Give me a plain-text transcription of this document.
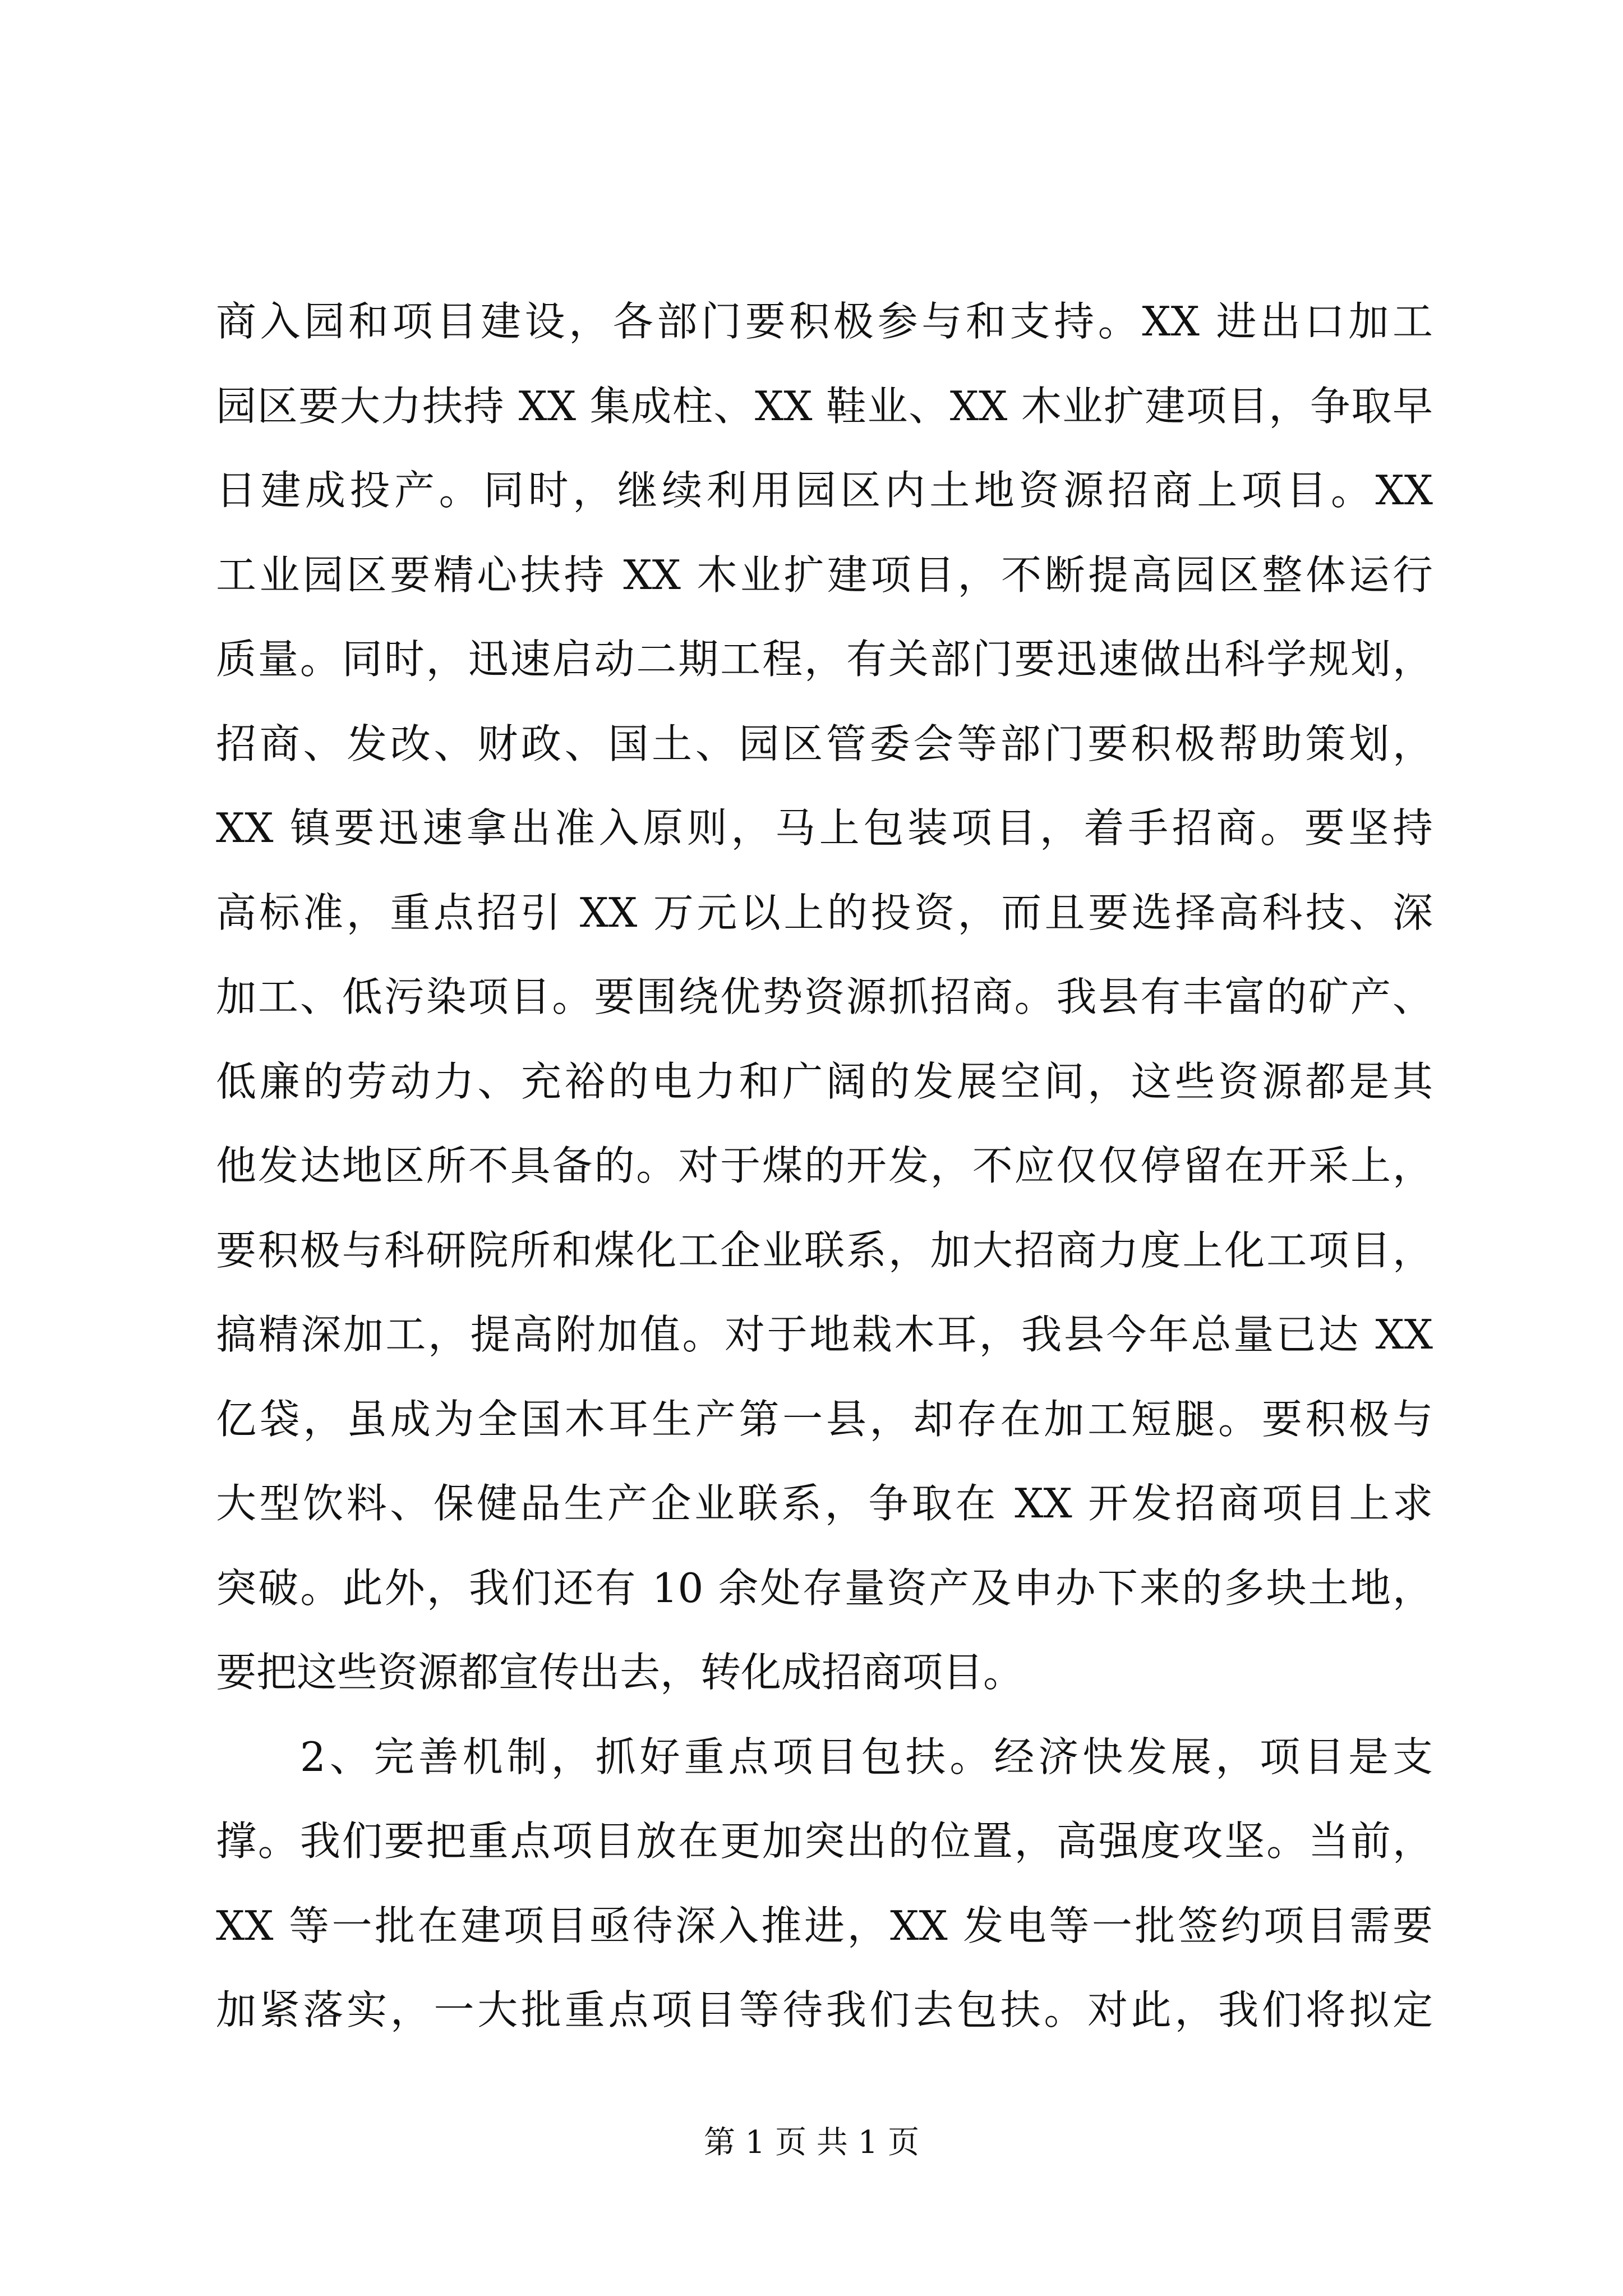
商入园和项目建设，各部门要积极参与和支持。XX 进出口加工
园区要大力扶持 XX 集成柱、XX 鞋业、XX 木业扩建项目，争取早
日建成投产。同时，继续利用园区内土地资源招商上项目。XX
工业园区要精心扶持 XX 木业扩建项目，不断提高园区整体运行
质量。同时，迅速启动二期工程，有关部门要迅速做出科学规划，
招商、发改、财政、国土、园区管委会等部门要积极帮助策划，
XX 镇要迅速拿出准入原则，马上包装项目，着手招商。要坚持
高标准，重点招引 XX 万元以上的投资，而且要选择高科技、深
加工、低污染项目。要围绕优势资源抓招商。我县有丰富的矿产、
低廉的劳动力、充裕的电力和广阔的发展空间，这些资源都是其
他发达地区所不具备的。对于煤的开发，不应仅仅停留在开采上，
要积极与科研院所和煤化工企业联系，加大招商力度上化工项目，
搞精深加工，提高附加值。对于地栽木耳，我县今年总量已达 XX
亿袋，虽成为全国木耳生产第一县，却存在加工短腿。要积极与
大型饮料、保健品生产企业联系，争取在 XX 开发招商项目上求
突破。此外，我们还有 10 余处存量资产及申办下来的多块土地，
要把这些资源都宣传出去，转化成招商项目。
2、完善机制，抓好重点项目包扶。经济快发展，项目是支
撑。我们要把重点项目放在更加突出的位置，高强度攻坚。当前，
XX 等一批在建项目亟待深入推进，XX 发电等一批签约项目需要
加紧落实，一大批重点项目等待我们去包扶。对此，我们将拟定
第 1 页 共 1 页
